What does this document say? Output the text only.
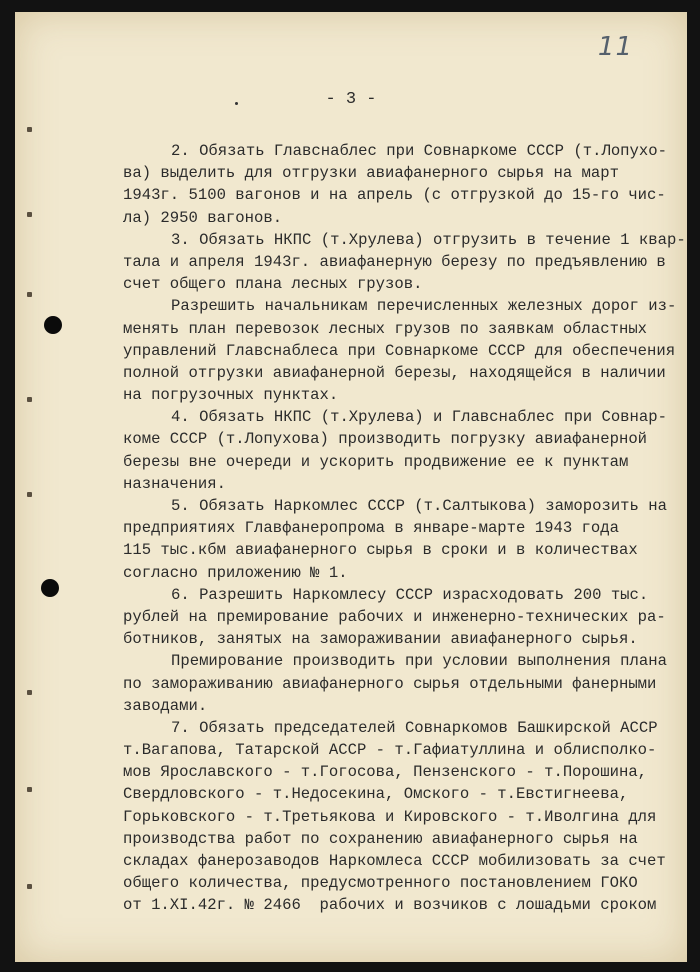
11
- 3 -
2. Обязать Главснаблес при Совнаркоме СССР (т.Лопухо-
ва) выделить для отгрузки авиафанерного сырья на март
1943г. 5100 вагонов и на апрель (с отгрузкой до 15-го чис-
ла) 2950 вагонов.
3. Обязать НКПС (т.Хрулева) отгрузить в течение 1 квар-
тала и апреля 1943г. авиафанерную березу по предъявлению в
счет общего плана лесных грузов.
Разрешить начальникам перечисленных железных дорог из-
менять план перевозок лесных грузов по заявкам областных
управлений Главснаблеса при Совнаркоме СССР для обеспечения
полной отгрузки авиафанерной березы, находящейся в наличии
на погрузочных пунктах.
4. Обязать НКПС (т.Хрулева) и Главснаблес при Совнар-
коме СССР (т.Лопухова) производить погрузку авиафанерной
березы вне очереди и ускорить продвижение ее к пунктам
назначения.
5. Обязать Наркомлес СССР (т.Салтыкова) заморозить на
предприятиях Главфанеропрома в январе-марте 1943 года
115 тыс.кбм авиафанерного сырья в сроки и в количествах
согласно приложению № 1.
6. Разрешить Наркомлесу СССР израсходовать 200 тыс.
рублей на премирование рабочих и инженерно-технических ра-
ботников, занятых на замораживании авиафанерного сырья.
Премирование производить при условии выполнения плана
по замораживанию авиафанерного сырья отдельными фанерными
заводами.
7. Обязать председателей Совнаркомов Башкирской АССР
т.Вагапова, Татарской АССР - т.Гафиатуллина и облисполко-
мов Ярославского - т.Гогосова, Пензенского - т.Порошина,
Свердловского - т.Недосекина, Омского - т.Евстигнеева,
Горьковского - т.Третьякова и Кировского - т.Иволгина для
производства работ по сохранению авиафанерного сырья на
складах фанерозаводов Наркомлеса СССР мобилизовать за счет
общего количества, предусмотренного постановлением ГОКО
от 1.XI.42г. № 2466  рабочих и возчиков с лошадьми сроком
